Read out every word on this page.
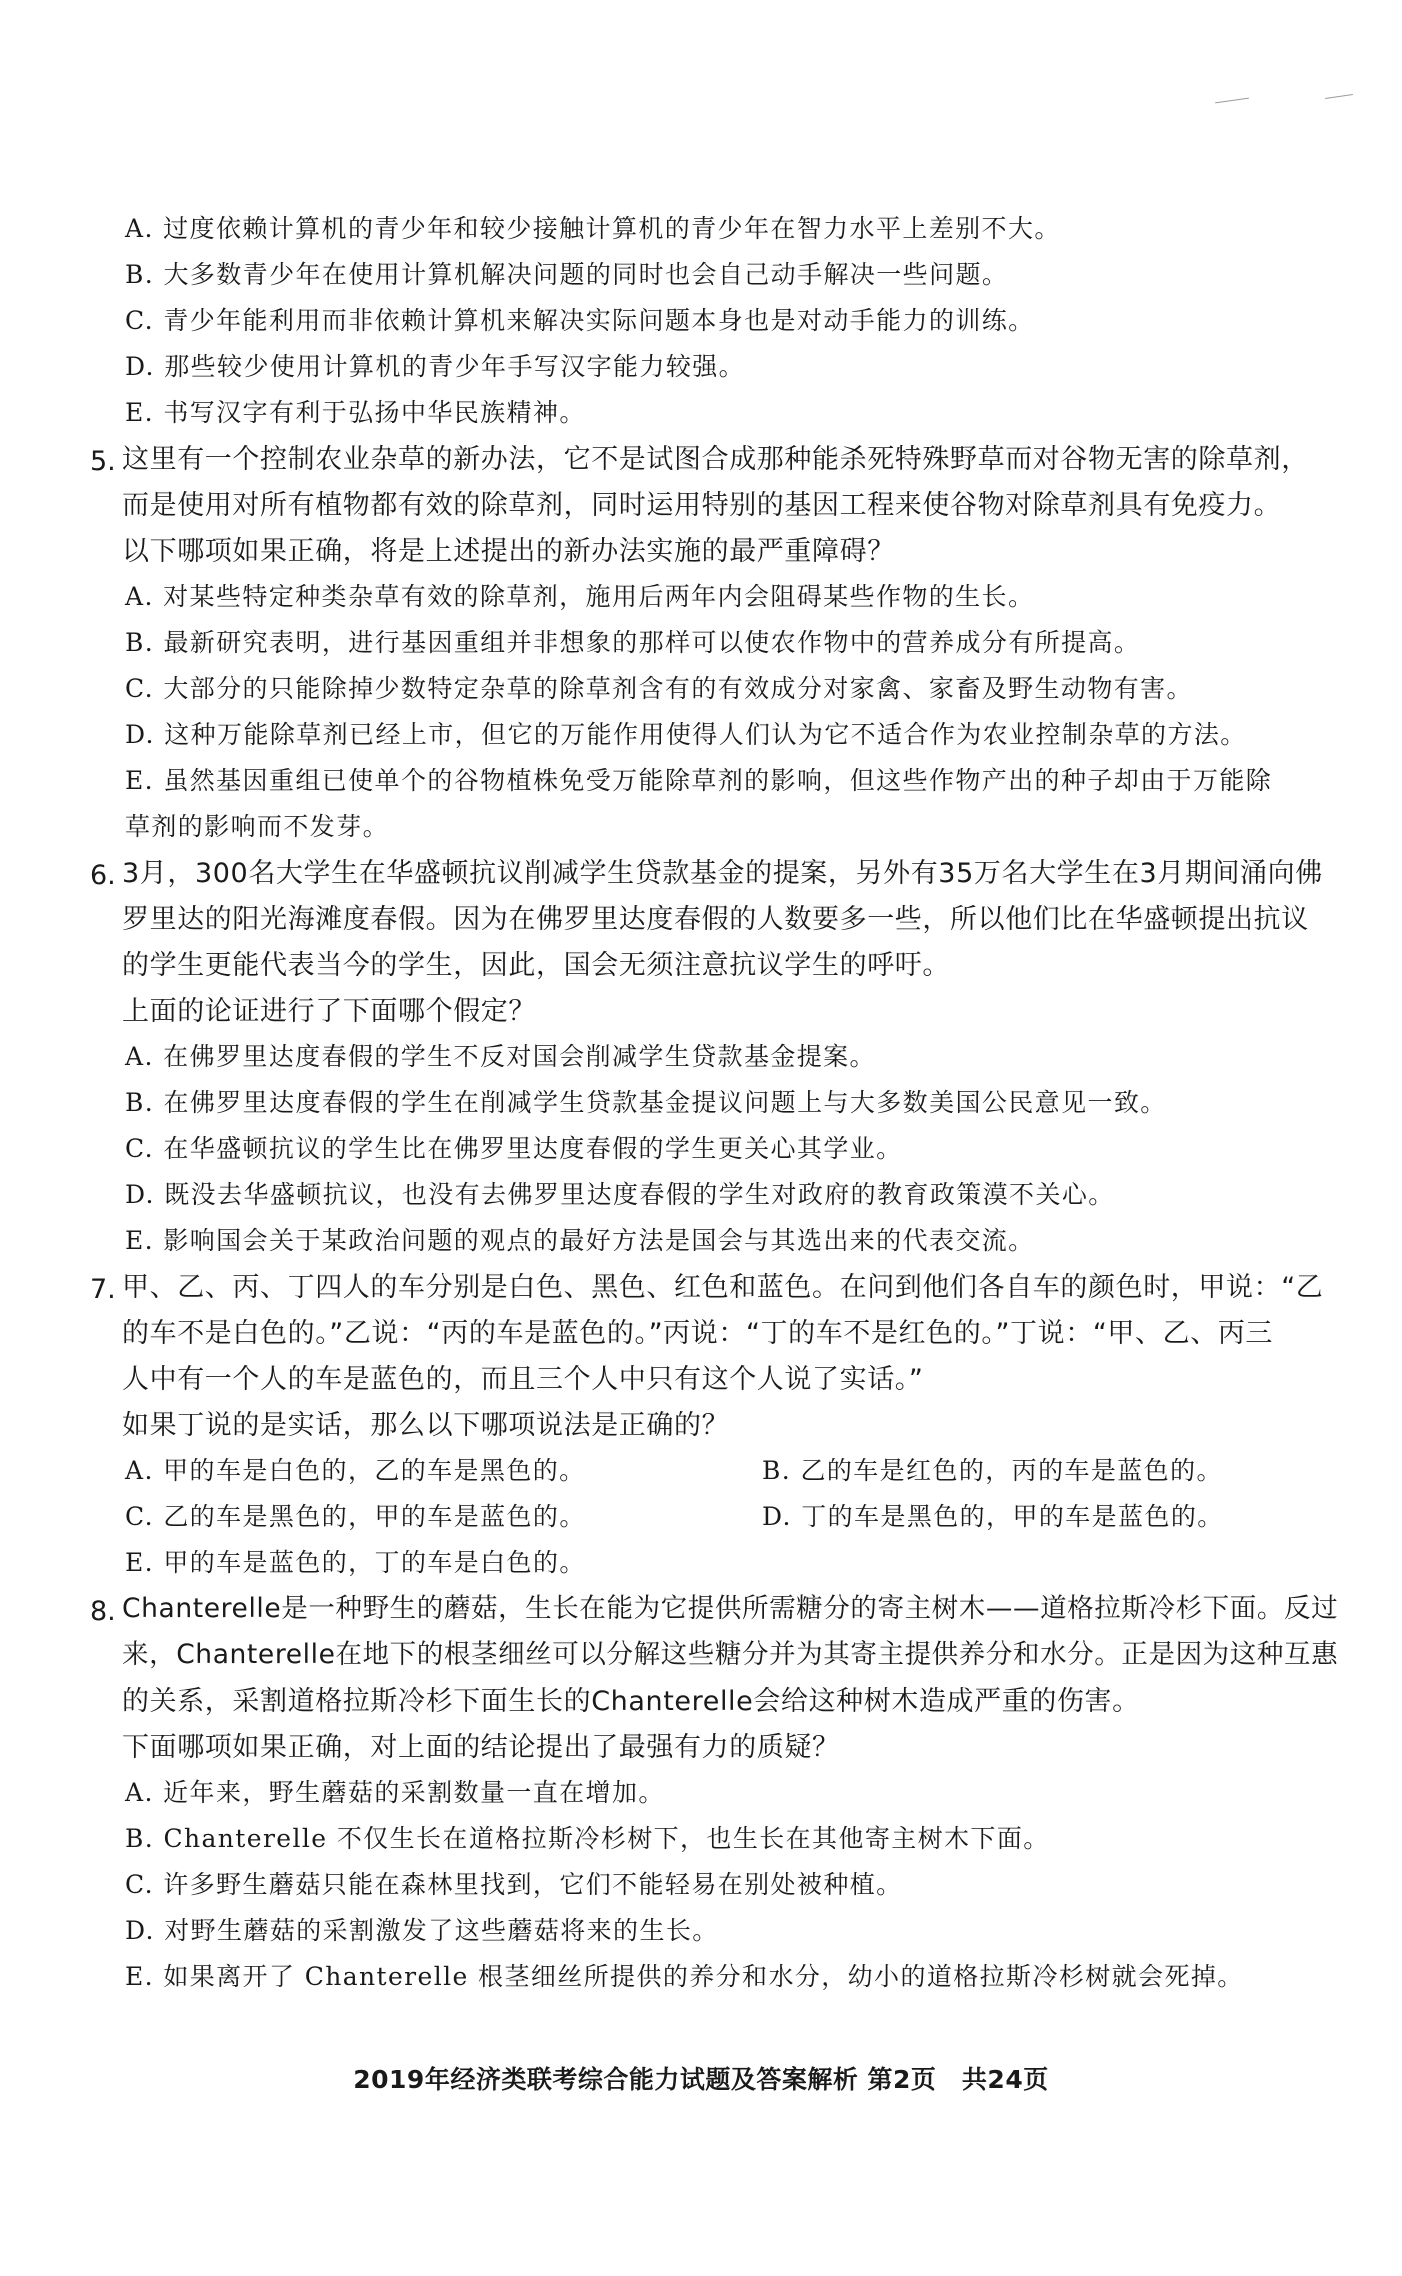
A. 过度依赖计算机的青少年和较少接触计算机的青少年在智力水平上差别不大。
B. 大多数青少年在使用计算机解决问题的同时也会自己动手解决一些问题。
C. 青少年能利用而非依赖计算机来解决实际问题本身也是对动手能力的训练。
D. 那些较少使用计算机的青少年手写汉字能力较强。
E. 书写汉字有利于弘扬中华民族精神。
5. 这里有一个控制农业杂草的新办法，它不是试图合成那种能杀死特殊野草而对谷物无害的除草剂，
而是使用对所有植物都有效的除草剂，同时运用特别的基因工程来使谷物对除草剂具有免疫力。
以下哪项如果正确，将是上述提出的新办法实施的最严重障碍？
A. 对某些特定种类杂草有效的除草剂，施用后两年内会阻碍某些作物的生长。
B. 最新研究表明，进行基因重组并非想象的那样可以使农作物中的营养成分有所提高。
C. 大部分的只能除掉少数特定杂草的除草剂含有的有效成分对家禽、家畜及野生动物有害。
D. 这种万能除草剂已经上市，但它的万能作用使得人们认为它不适合作为农业控制杂草的方法。
E. 虽然基因重组已使单个的谷物植株免受万能除草剂的影响，但这些作物产出的种子却由于万能除
草剂的影响而不发芽。
6. 3月，300名大学生在华盛顿抗议削减学生贷款基金的提案，另外有35万名大学生在3月期间涌向佛
罗里达的阳光海滩度春假。因为在佛罗里达度春假的人数要多一些，所以他们比在华盛顿提出抗议
的学生更能代表当今的学生，因此，国会无须注意抗议学生的呼吁。
上面的论证进行了下面哪个假定？
A. 在佛罗里达度春假的学生不反对国会削减学生贷款基金提案。
B. 在佛罗里达度春假的学生在削减学生贷款基金提议问题上与大多数美国公民意见一致。
C. 在华盛顿抗议的学生比在佛罗里达度春假的学生更关心其学业。
D. 既没去华盛顿抗议，也没有去佛罗里达度春假的学生对政府的教育政策漠不关心。
E. 影响国会关于某政治问题的观点的最好方法是国会与其选出来的代表交流。
7. 甲、乙、丙、丁四人的车分别是白色、黑色、红色和蓝色。在问到他们各自车的颜色时，甲说：“乙
的车不是白色的。”乙说：“丙的车是蓝色的。”丙说：“丁的车不是红色的。”丁说：“甲、乙、丙三
人中有一个人的车是蓝色的，而且三个人中只有这个人说了实话。”
如果丁说的是实话，那么以下哪项说法是正确的？
A. 甲的车是白色的，乙的车是黑色的。	B. 乙的车是红色的，丙的车是蓝色的。
C. 乙的车是黑色的，甲的车是蓝色的。	D. 丁的车是黑色的，甲的车是蓝色的。
E. 甲的车是蓝色的，丁的车是白色的。
8. Chanterelle是一种野生的蘑菇，生长在能为它提供所需糖分的寄主树木——道格拉斯冷杉下面。反过
来，Chanterelle在地下的根茎细丝可以分解这些糖分并为其寄主提供养分和水分。正是因为这种互惠
的关系，采割道格拉斯冷杉下面生长的Chanterelle会给这种树木造成严重的伤害。
下面哪项如果正确，对上面的结论提出了最强有力的质疑？
A. 近年来，野生蘑菇的采割数量一直在增加。
B. Chanterelle 不仅生长在道格拉斯冷杉树下，也生长在其他寄主树木下面。
C. 许多野生蘑菇只能在森林里找到，它们不能轻易在别处被种植。
D. 对野生蘑菇的采割激发了这些蘑菇将来的生长。
E. 如果离开了 Chanterelle 根茎细丝所提供的养分和水分，幼小的道格拉斯冷杉树就会死掉。
2019年经济类联考综合能力试题及答案解析 第2页　共24页
